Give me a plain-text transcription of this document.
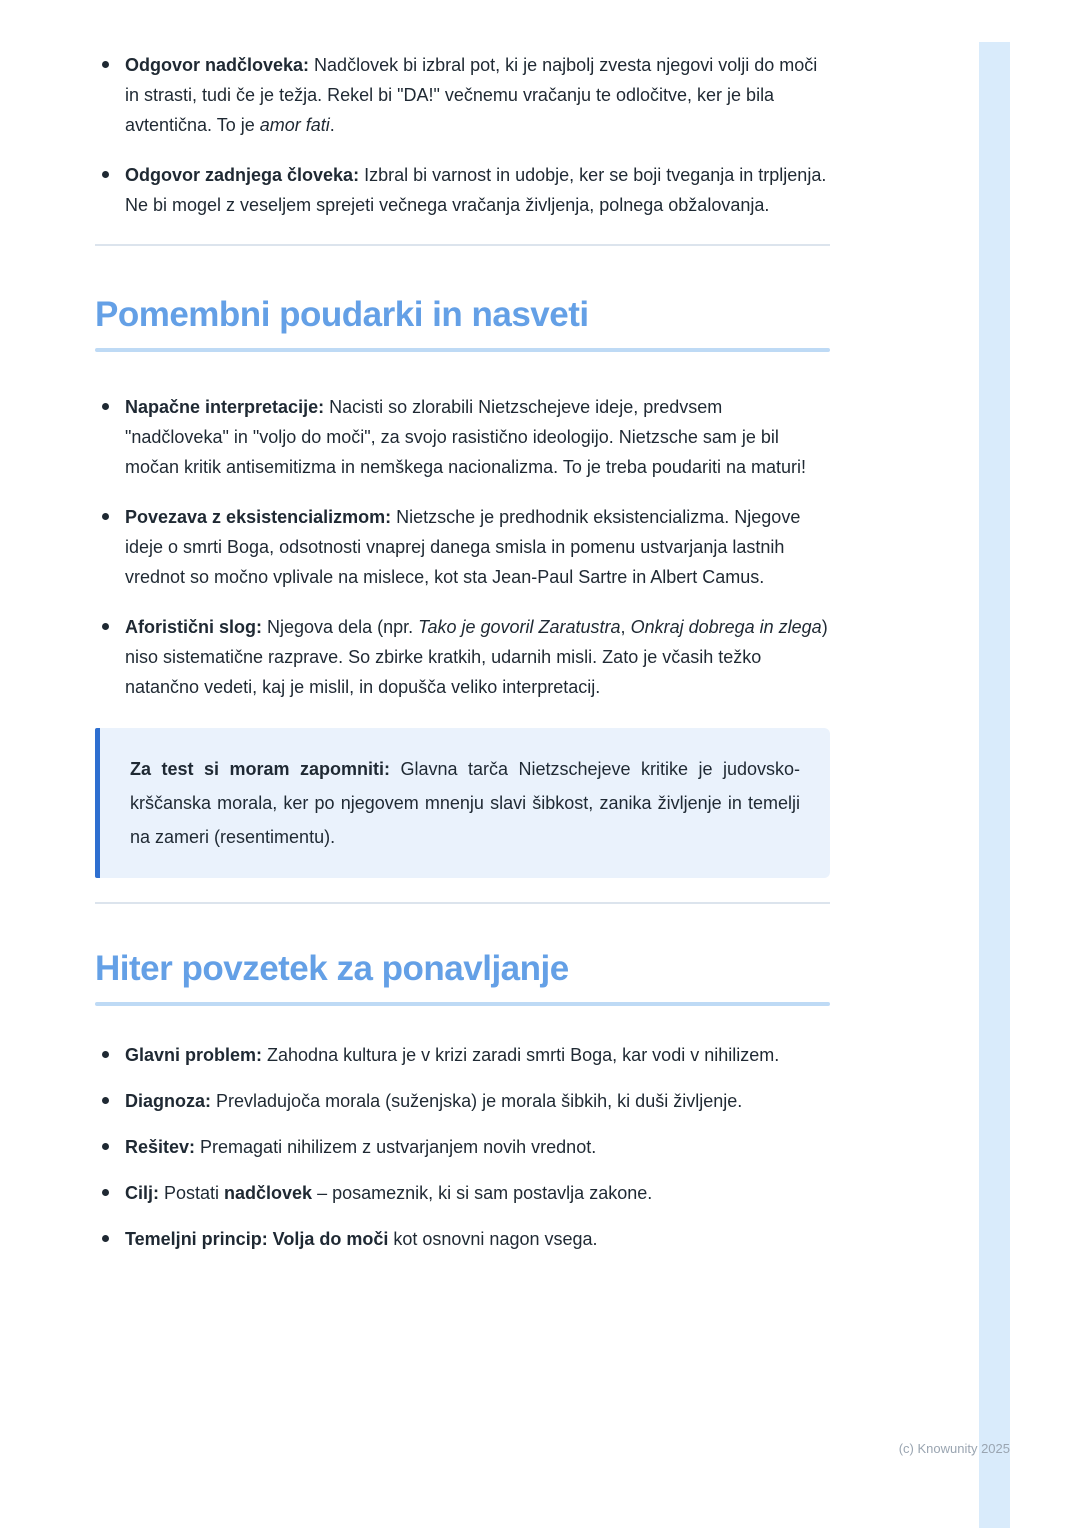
Odgovor nadčloveka: Nadčlovek bi izbral pot, ki je najbolj zvesta njegovi volji do moči in strasti, tudi če je težja. Rekel bi "DA!" večnemu vračanju te odločitve, ker je bila avtentična. To je amor fati.
Odgovor zadnjega človeka: Izbral bi varnost in udobje, ker se boji tveganja in trpljenja. Ne bi mogel z veseljem sprejeti večnega vračanja življenja, polnega obžalovanja.
Pomembni poudarki in nasveti
Napačne interpretacije: Nacisti so zlorabili Nietzschejeve ideje, predvsem "nadčloveka" in "voljo do moči", za svojo rasistično ideologijo. Nietzsche sam je bil močan kritik antisemitizma in nemškega nacionalizma. To je treba poudariti na maturi!
Povezava z eksistencializmom: Nietzsche je predhodnik eksistencializma. Njegove ideje o smrti Boga, odsotnosti vnaprej danega smisla in pomenu ustvarjanja lastnih vrednot so močno vplivale na mislece, kot sta Jean-Paul Sartre in Albert Camus.
Aforistični slog: Njegova dela (npr. Tako je govoril Zaratustra, Onkraj dobrega in zlega) niso sistematične razprave. So zbirke kratkih, udarnih misli. Zato je včasih težko natančno vedeti, kaj je mislil, in dopušča veliko interpretacij.

Za test si moram zapomniti: Glavna tarča Nietzschejeve kritike je judovsko-krščanska morala, ker po njegovem mnenju slavi šibkost, zanika življenje in temelji na zameri (resentimentu).

Hiter povzetek za ponavljanje
Glavni problem: Zahodna kultura je v krizi zaradi smrti Boga, kar vodi v nihilizem.
Diagnoza: Prevladujoča morala (suženjska) je morala šibkih, ki duši življenje.
Rešitev: Premagati nihilizem z ustvarjanjem novih vrednot.
Cilj: Postati nadčlovek – posameznik, ki si sam postavlja zakone.
Temeljni princip: Volja do moči kot osnovni nagon vsega.
(c) Knowunity 2025
